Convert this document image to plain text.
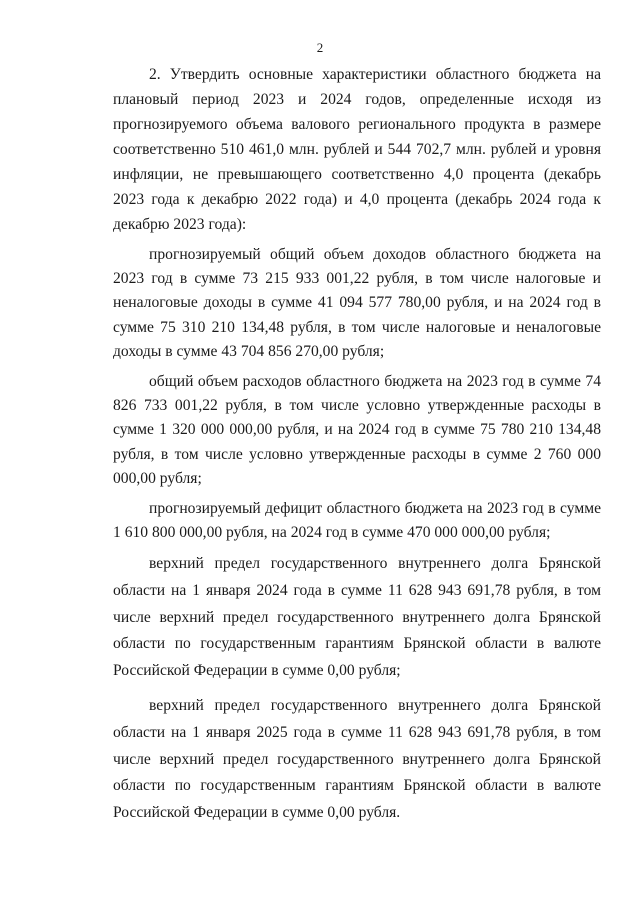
2

2. Утвердить основные характеристики областного бюджета на плановый период 2023 и 2024 годов, определенные исходя из прогнозируемого объема валового регионального продукта в размере соответственно 510 461,0 млн. рублей и 544 702,7 млн. рублей и уровня инфляции, не превышающего соответственно 4,0 процента (декабрь 2023 года к декабрю 2022 года) и 4,0 процента (декабрь 2024 года к декабрю 2023 года):

прогнозируемый общий объем доходов областного бюджета на 2023 год в сумме 73 215 933 001,22 рубля, в том числе налоговые и неналоговые доходы в сумме 41 094 577 780,00 рубля, и на 2024 год в сумме 75 310 210 134,48 рубля, в том числе налоговые и неналоговые доходы в сумме 43 704 856 270,00 рубля;

общий объем расходов областного бюджета на 2023 год в сумме 74 826 733 001,22 рубля, в том числе условно утвержденные расходы в сумме 1 320 000 000,00 рубля, и на 2024 год в сумме 75 780 210 134,48 рубля, в том числе условно утвержденные расходы в сумме 2 760 000 000,00 рубля;

прогнозируемый дефицит областного бюджета на 2023 год в сумме 1 610 800 000,00 рубля, на 2024 год в сумме 470 000 000,00 рубля;

верхний предел государственного внутреннего долга Брянской области на 1 января 2024 года в сумме 11 628 943 691,78 рубля, в том числе верхний предел государственного внутреннего долга Брянской области по государственным гарантиям Брянской области в валюте Российской Федерации в сумме 0,00 рубля;

верхний предел государственного внутреннего долга Брянской области на 1 января 2025 года в сумме 11 628 943 691,78 рубля, в том числе верхний предел государственного внутреннего долга Брянской области по государственным гарантиям Брянской области в валюте Российской Федерации в сумме 0,00 рубля.
